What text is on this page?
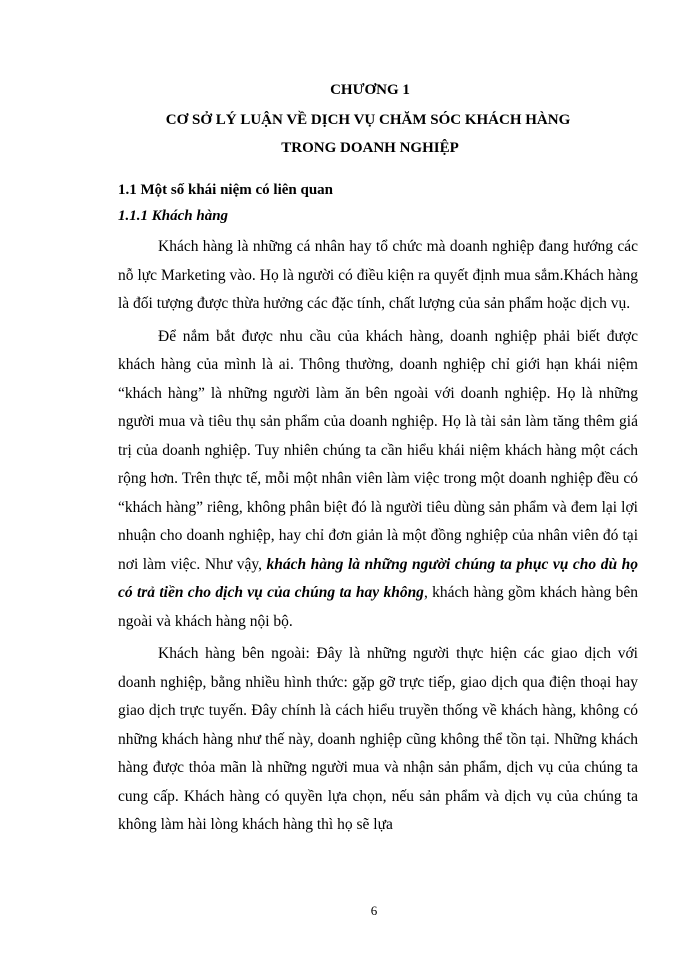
CHƯƠNG 1
CƠ SỞ LÝ LUẬN VỀ DỊCH VỤ CHĂM SÓC KHÁCH HÀNG
TRONG DOANH NGHIỆP
1.1 Một số khái niệm có liên quan
1.1.1 Khách hàng

Khách hàng là những cá nhân hay tổ chức mà doanh nghiệp đang hướng các nỗ lực Marketing vào. Họ là người có điều kiện ra quyết định mua sắm.Khách hàng là đối tượng được thừa hưởng các đặc tính, chất lượng của sản phẩm hoặc dịch vụ.

Để nắm bắt được nhu cầu của khách hàng, doanh nghiệp phải biết được khách hàng của mình là ai. Thông thường, doanh nghiệp chỉ giới hạn khái niệm “khách hàng” là những người làm ăn bên ngoài với doanh nghiệp. Họ là những người mua và tiêu thụ sản phẩm của doanh nghiệp. Họ là tài sản làm tăng thêm giá trị của doanh nghiệp. Tuy nhiên chúng ta cần hiểu khái niệm khách hàng một cách rộng hơn. Trên thực tế, mỗi một nhân viên làm việc trong một doanh nghiệp đều có “khách hàng” riêng, không phân biệt đó là người tiêu dùng sản phẩm và đem lại lợi nhuận cho doanh nghiệp, hay chỉ đơn giản là một đồng nghiệp của nhân viên đó tại nơi làm việc. Như vậy, khách hàng là những người chúng ta phục vụ cho dù họ có trả tiền cho dịch vụ của chúng ta hay không, khách hàng gồm khách hàng bên ngoài và khách hàng nội bộ.

Khách hàng bên ngoài: Đây là những người thực hiện các giao dịch với doanh nghiệp, bằng nhiều hình thức: gặp gỡ trực tiếp, giao dịch qua điện thoại hay giao dịch trực tuyến. Đây chính là cách hiểu truyền thống về khách hàng, không có những khách hàng như thế này, doanh nghiệp cũng không thể tồn tại. Những khách hàng được thỏa mãn là những người mua và nhận sản phẩm, dịch vụ của chúng ta cung cấp. Khách hàng có quyền lựa chọn, nếu sản phẩm và dịch vụ của chúng ta không làm hài lòng khách hàng thì họ sẽ lựa

6
